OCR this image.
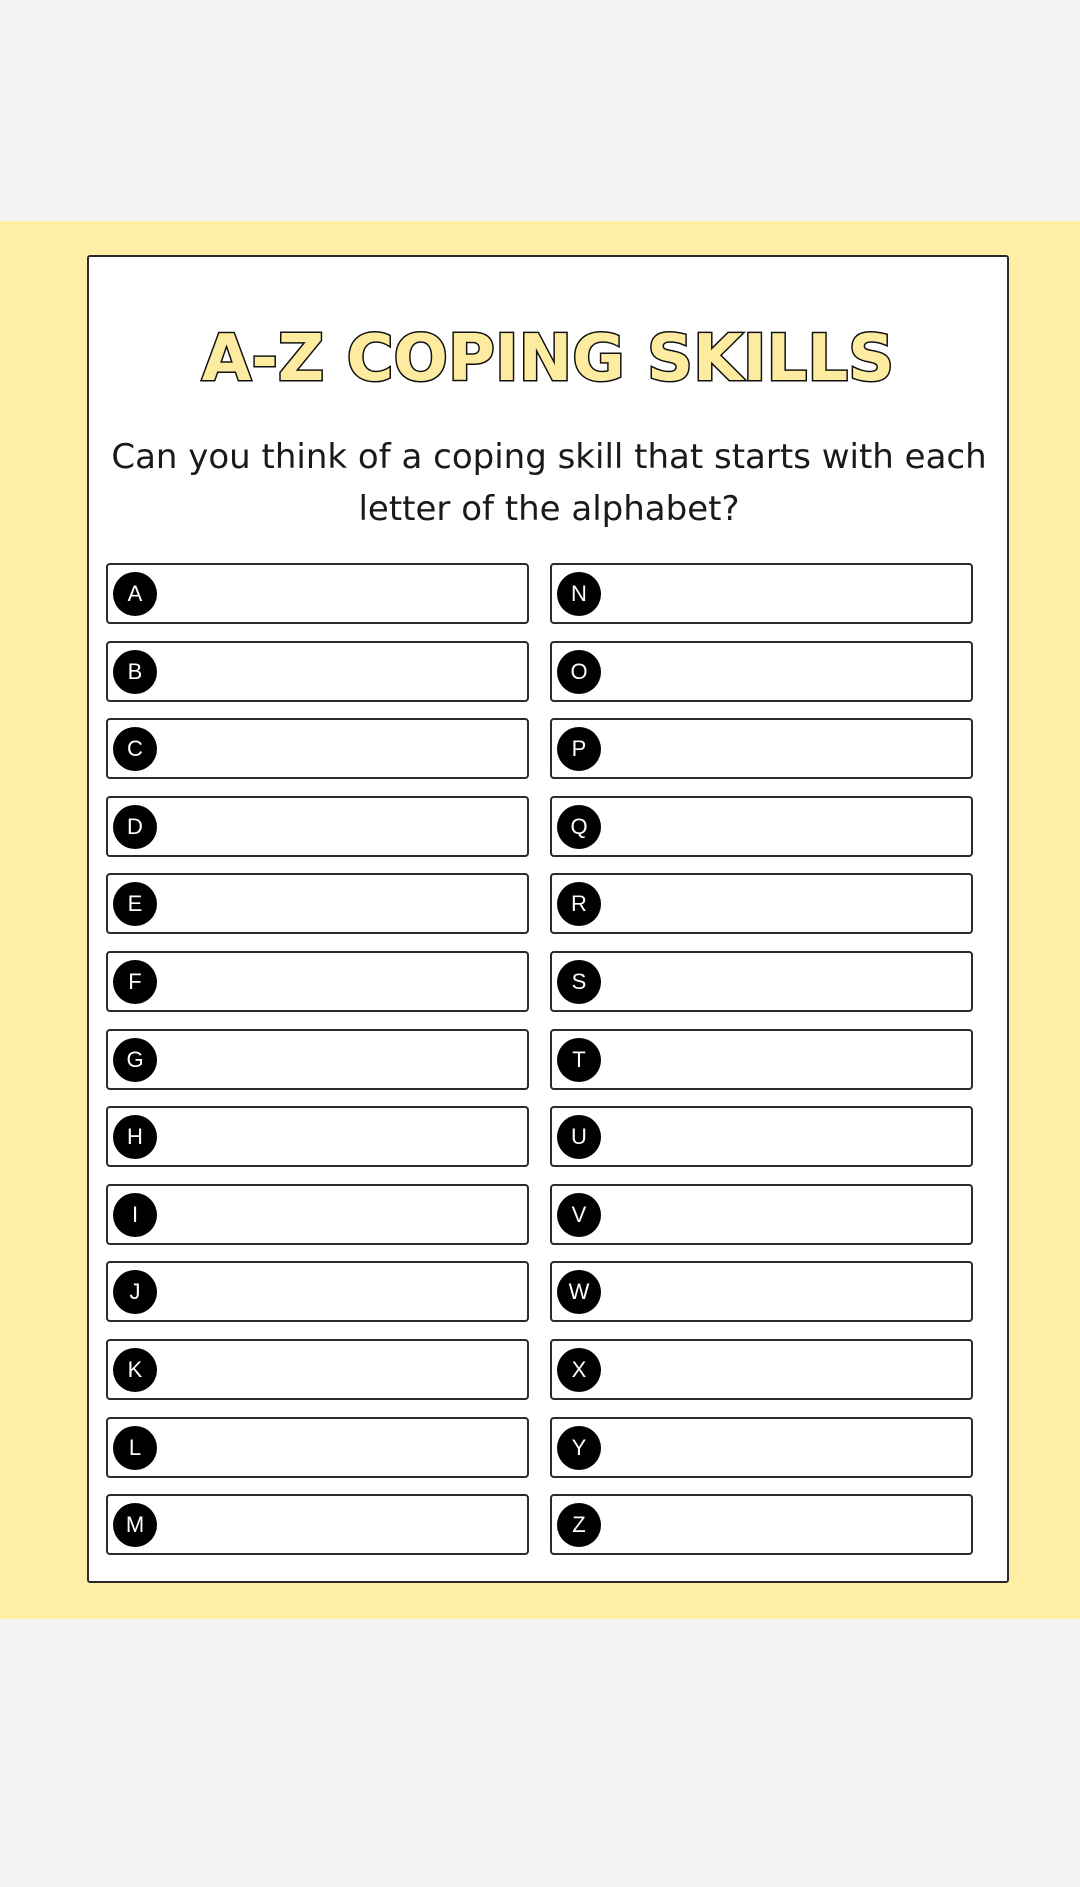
A-Z COPING SKILLS
Can you think of a coping skill that starts with each letter of the alphabet?
A
B
C
D
E
F
G
H
I
J
K
L
M
N
O
P
Q
R
S
T
U
V
W
X
Y
Z
